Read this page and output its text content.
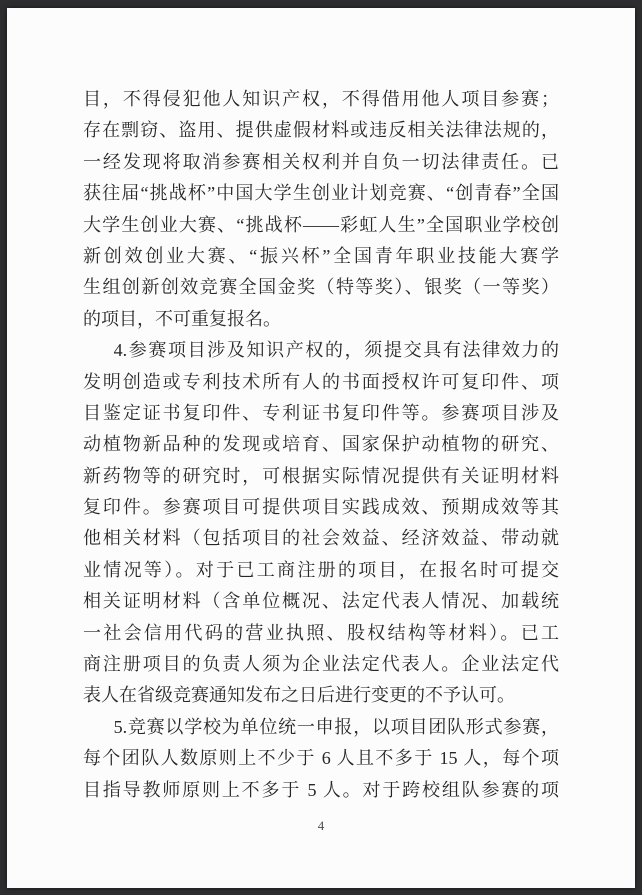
目，不得侵犯他人知识产权，不得借用他人项目参赛；
存在剽窃、盗用、提供虚假材料或违反相关法律法规的，
一经发现将取消参赛相关权利并自负一切法律责任。已
获往届“挑战杯”中国大学生创业计划竞赛、“创青春”全国
大学生创业大赛、“挑战杯——彩虹人生”全国职业学校创
新创效创业大赛、“振兴杯”全国青年职业技能大赛学
生组创新创效竞赛全国金奖（特等奖）、银奖（一等奖）
的项目，不可重复报名。
4.参赛项目涉及知识产权的，须提交具有法律效力的
发明创造或专利技术所有人的书面授权许可复印件、项
目鉴定证书复印件、专利证书复印件等。参赛项目涉及
动植物新品种的发现或培育、国家保护动植物的研究、
新药物等的研究时，可根据实际情况提供有关证明材料
复印件。参赛项目可提供项目实践成效、预期成效等其
他相关材料（包括项目的社会效益、经济效益、带动就
业情况等）。对于已工商注册的项目，在报名时可提交
相关证明材料（含单位概况、法定代表人情况、加载统
一社会信用代码的营业执照、股权结构等材料）。已工
商注册项目的负责人须为企业法定代表人。企业法定代
表人在省级竞赛通知发布之日后进行变更的不予认可。
5.竞赛以学校为单位统一申报，以项目团队形式参赛，
每个团队人数原则上不少于 6 人且不多于 15 人，每个项
目指导教师原则上不多于 5 人。对于跨校组队参赛的项
4
